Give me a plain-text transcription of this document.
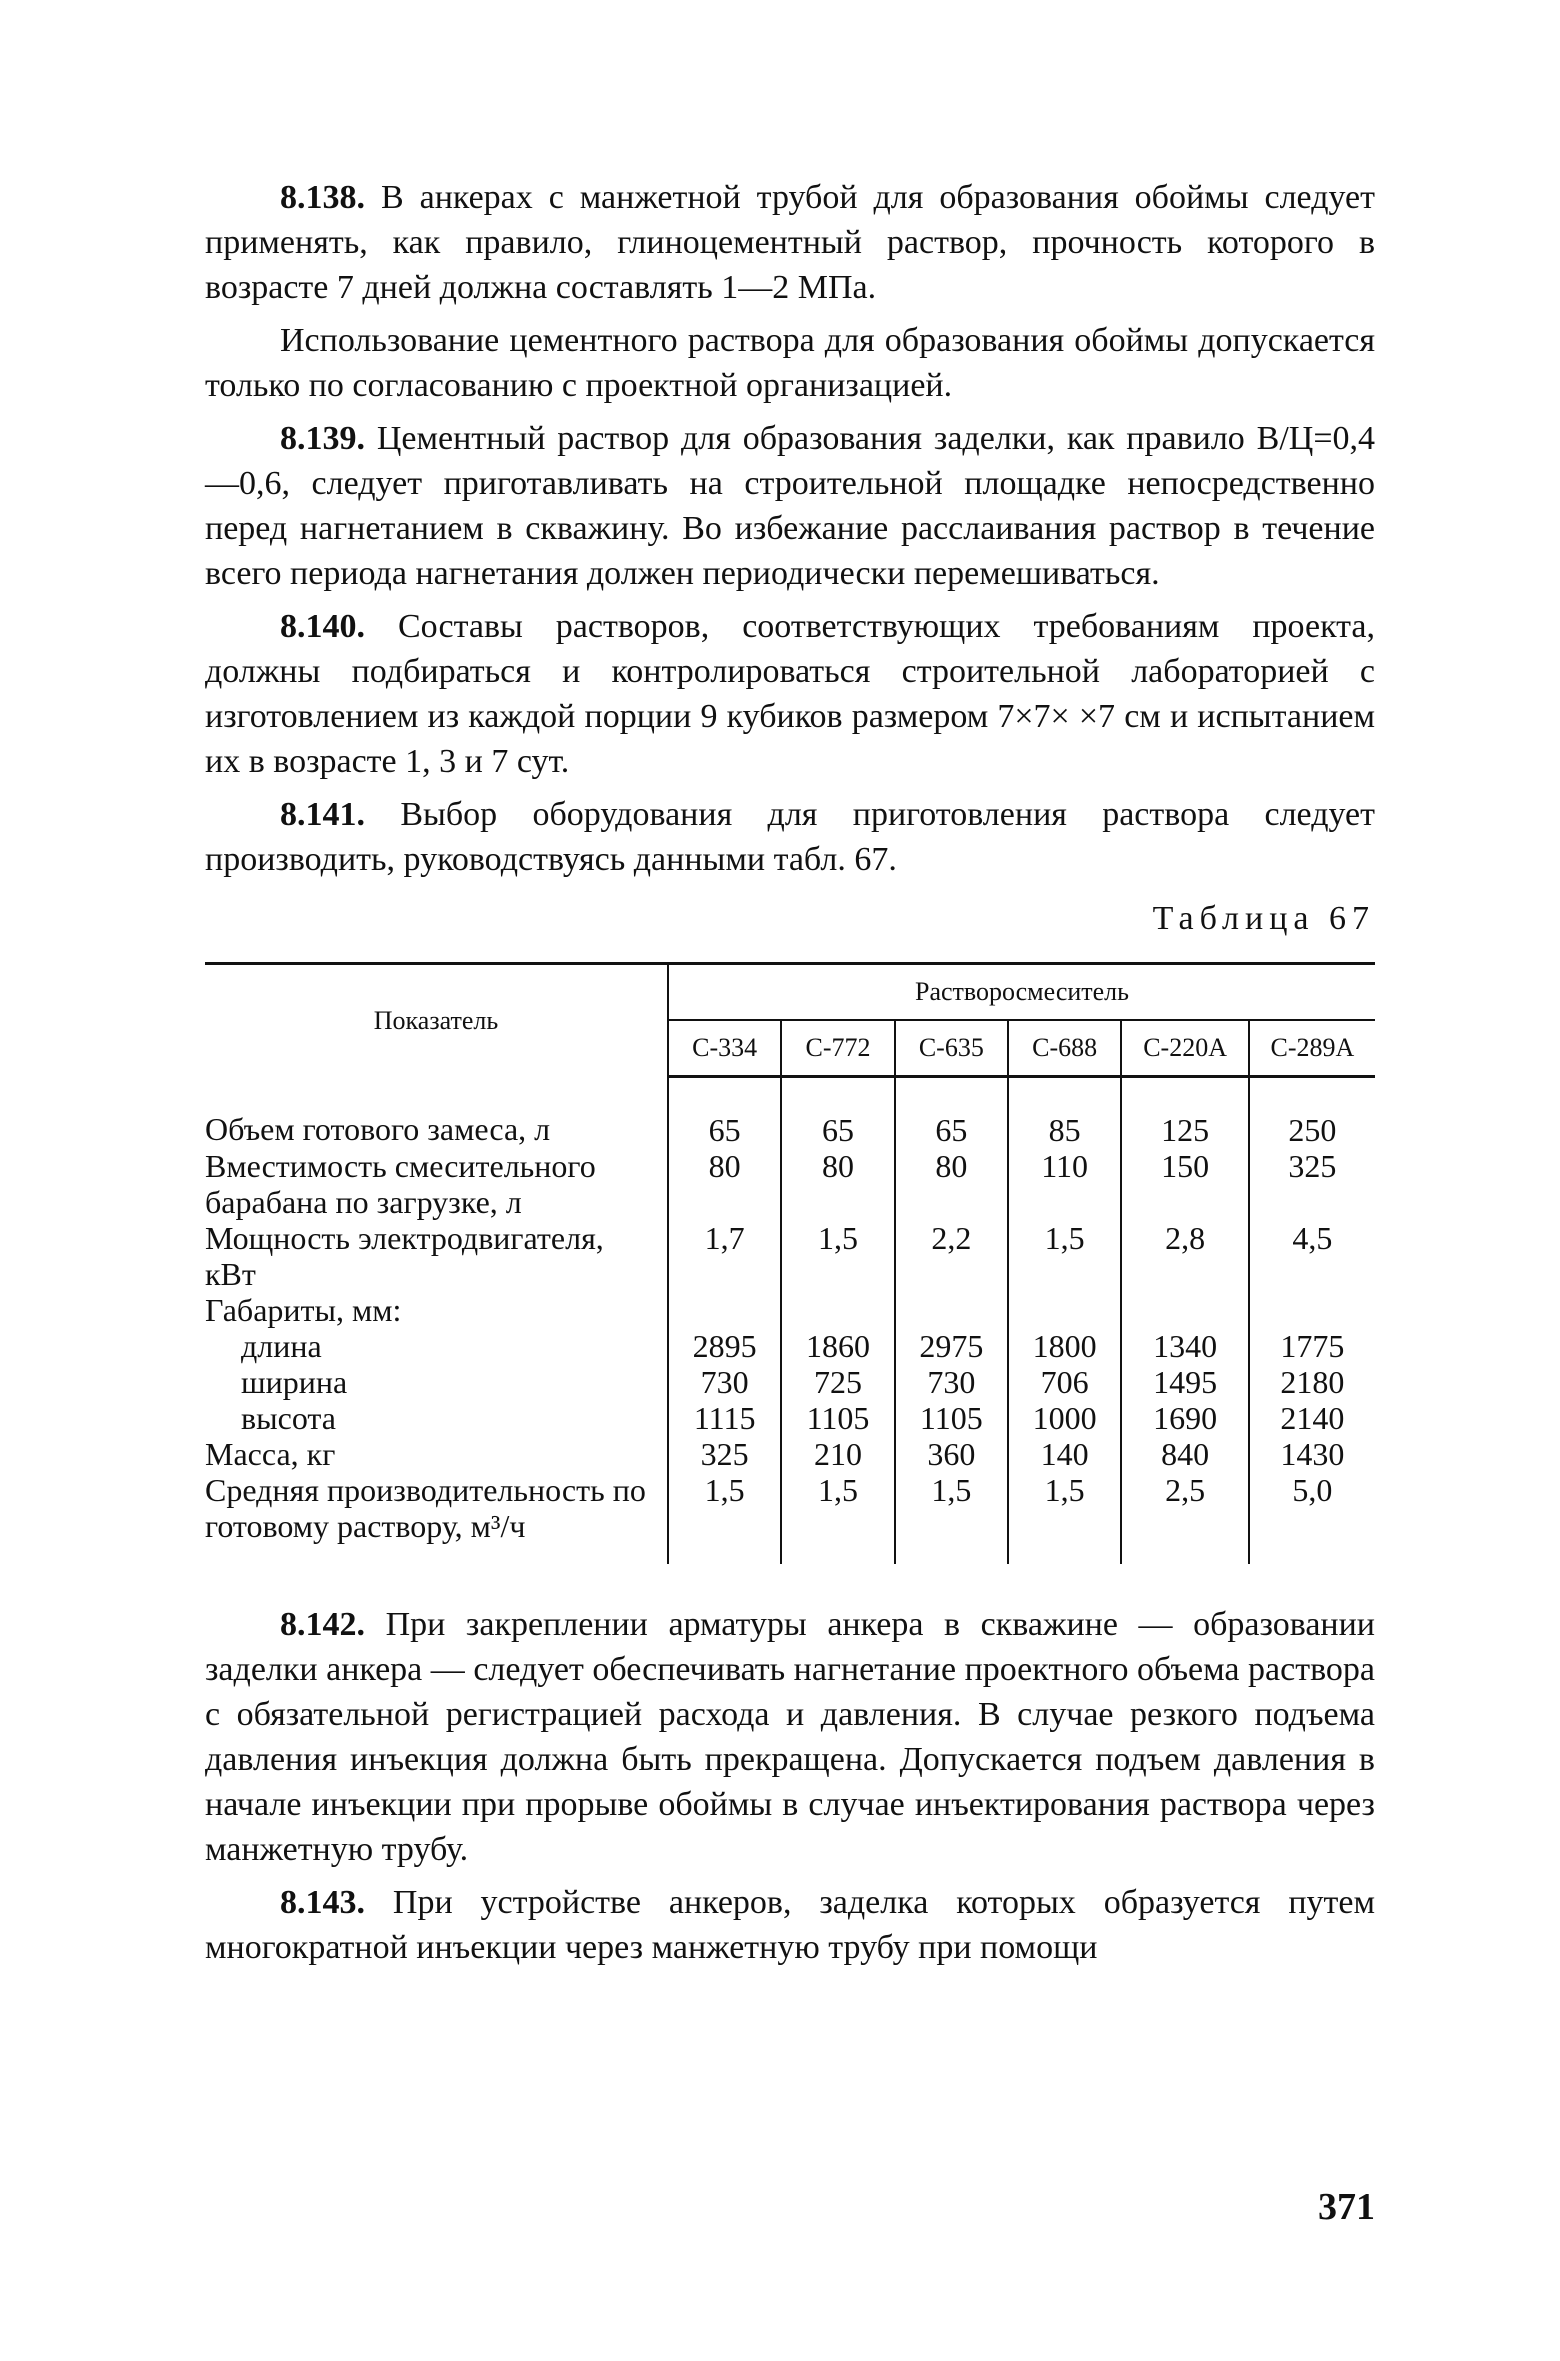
8.138. В анкерах с манжетной трубой для образования обоймы следует применять, как правило, глиноцементный раствор, прочность которого в возрасте 7 дней должна составлять 1—2 МПа.

Использование цементного раствора для образования обоймы допускается только по согласованию с проектной организацией.

8.139. Цементный раствор для образования заделки, как правило В/Ц=0,4—0,6, следует приготавливать на строительной площадке непосредственно перед нагнетанием в скважину. Во избежание расслаивания раствор в течение всего периода нагнетания должен периодически перемешиваться.

8.140. Составы растворов, соответствующих требованиям проекта, должны подбираться и контролироваться строительной лабораторией с изготовлением из каждой порции 9 кубиков размером 7×7× ×7 см и испытанием их в возрасте 1, 3 и 7 сут.

8.141. Выбор оборудования для приготовления раствора следует производить, руководствуясь данными табл. 67.

Таблица 67
Показатель	Растворосмеситель					
	С-334	С-772	С-635	С-688	С-220А	С-289А
Объем готового замеса, л	65	65	65	85	125	250
Вместимость смесительного барабана по загрузке, л	80	80	80	110	150	325
Мощность электродвигателя, кВт	1,7	1,5	2,2	1,5	2,8	4,5
Габариты, мм:						
длина	2895	1860	2975	1800	1340	1775
ширина	730	725	730	706	1495	2180
высота	1115	1105	1105	1000	1690	2140
Масса, кг	325	210	360	140	840	1430
Средняя производительность по готовому раствору, м³/ч	1,5	1,5	1,5	1,5	2,5	5,0

8.142. При закреплении арматуры анкера в скважине — образовании заделки анкера — следует обеспечивать нагнетание проектного объема раствора с обязательной регистрацией расхода и давления. В случае резкого подъема давления инъекция должна быть прекращена. Допускается подъем давления в начале инъекции при прорыве обоймы в случае инъектирования раствора через манжетную трубу.

8.143. При устройстве анкеров, заделка которых образуется путем многократной инъекции через манжетную трубу при помощи

371
